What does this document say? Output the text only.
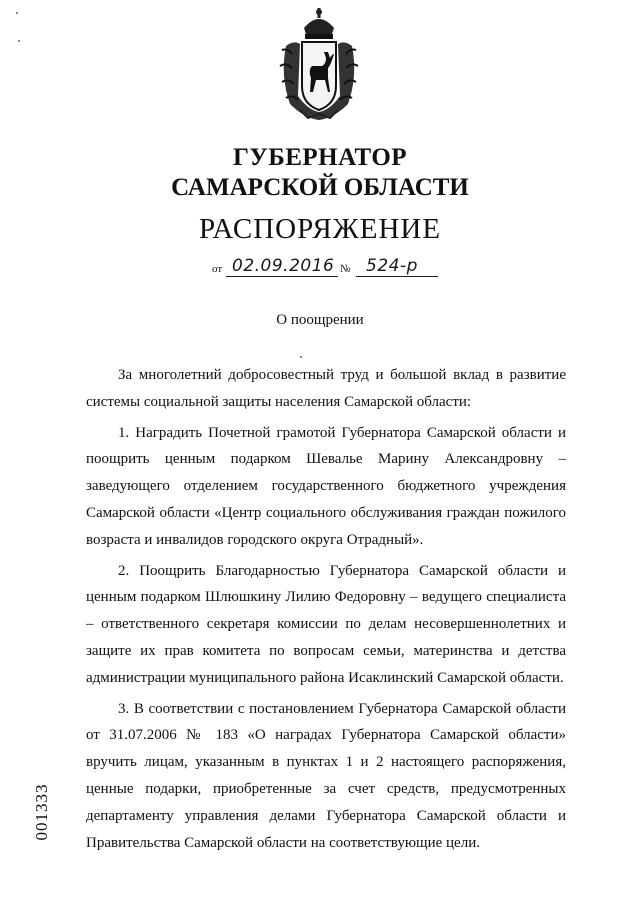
ГУБЕРНАТОР
САМАРСКОЙ ОБЛАСТИ
РАСПОРЯЖЕНИЕ
от 02.09.2016 № 524-р
О поощрении

За многолетний добросовестный труд и большой вклад в развитие системы социальной защиты населения Самарской области:

1. Наградить Почетной грамотой Губернатора Самарской области и поощрить ценным подарком Шевалье Марину Александровну – заведующего отделением государственного бюджетного учреждения Самарской области «Центр социального обслуживания граждан пожилого возраста и инвалидов городского округа Отрадный».

2. Поощрить Благодарностью Губернатора Самарской области и ценным подарком Шлюшкину Лилию Федоровну – ведущего специалиста – ответственного секретаря комиссии по делам несовершеннолетних и защите их прав комитета по вопросам семьи, материнства и детства администрации муниципального района Исаклинский Самарской области.

3. В соответствии с постановлением Губернатора Самарской области от 31.07.2006 № 183 «О наградах Губернатора Самарской области» вручить лицам, указанным в пунктах 1 и 2 настоящего распоряжения, ценные подарки, приобретенные за счет средств, предусмотренных департаменту управления делами Губернатора Самарской области и Правительства Самарской области на соответствующие цели.

001333
